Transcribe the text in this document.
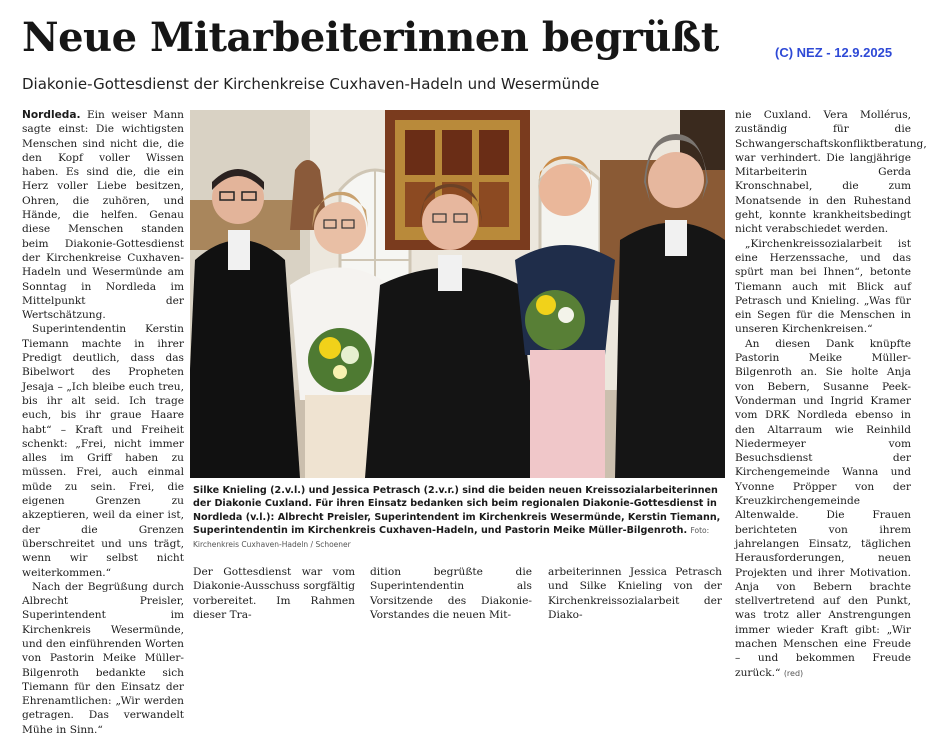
Neue Mitarbeiterinnen begrüßt	(C) NEZ - 12.9.2025
Diakonie-Gottesdienst der Kirchenkreise Cuxhaven-Hadeln und Wesermünde

Nordleda. Ein weiser Mann sagte einst: Die wichtigsten Menschen sind nicht die, die den Kopf voller Wissen haben. Es sind die, die ein Herz voller Liebe besitzen, Ohren, die zuhören, und Hände, die helfen. Genau diese Menschen standen beim Diakonie-Gottesdienst der Kirchenkreise Cuxhaven-Hadeln und Wesermünde am Sonntag in Nordleda im Mittelpunkt der Wertschätzung.

Superintendentin Kerstin Tiemann machte in ihrer Predigt deutlich, dass das Bibelwort des Propheten Jesaja – „Ich bleibe euch treu, bis ihr alt seid. Ich trage euch, bis ihr graue Haare habt“ – Kraft und Freiheit schenkt: „Frei, nicht immer alles im Griff haben zu müssen. Frei, auch einmal müde zu sein. Frei, die eigenen Grenzen zu akzeptieren, weil da einer ist, der die Grenzen überschreitet und uns trägt, wenn wir selbst nicht weiterkommen.“

Nach der Begrüßung durch Albrecht Preisler, Superintendent im Kirchenkreis Wesermünde, und den einführenden Worten von Pastorin Meike Müller-Bilgenroth bedankte sich Tiemann für den Einsatz der Ehrenamtlichen: „Wir werden getragen. Das verwandelt Mühe in Sinn.“

Silke Knieling (2.v.l.) und Jessica Petrasch (2.v.r.) sind die beiden neuen Kreissozialarbeiterinnen der Diakonie Cuxland. Für ihren Einsatz bedanken sich beim regionalen Diakonie-Gottesdienst in Nordleda (v.l.): Albrecht Preisler, Superintendent im Kirchenkreis Wesermünde, Kerstin Tiemann, Superintendentin im Kirchenkreis Cuxhaven-Hadeln, und Pastorin Meike Müller-Bilgenroth. Foto: Kirchenkreis Cuxhaven-Hadeln / Schoener

Der Gottesdienst war vom Diakonie-Ausschuss sorgfältig vorbereitet. Im Rahmen dieser Tra-

dition begrüßte die Superintendentin als Vorsitzende des Diakonie-Vorstandes die neuen Mit-

arbeiterinnen Jessica Petrasch und Silke Knieling von der Kirchenkreissozialarbeit der Diako-

nie Cuxland. Vera Mollérus, zuständig für die Schwangerschaftskonfliktberatung, war verhindert. Die langjährige Mitarbeiterin Gerda Kronschnabel, die zum Monatsende in den Ruhestand geht, konnte krankheitsbedingt nicht verabschiedet werden.

„Kirchenkreissozialarbeit ist eine Herzenssache, und das spürt man bei Ihnen“, betonte Tiemann auch mit Blick auf Petrasch und Knieling. „Was für ein Segen für die Menschen in unseren Kirchenkreisen.“

An diesen Dank knüpfte Pastorin Meike Müller-Bilgenroth an. Sie holte Anja von Bebern, Susanne Peek-Vonderman und Ingrid Kramer vom DRK Nordleda ebenso in den Altarraum wie Reinhild Niedermeyer vom Besuchsdienst der Kirchengemeinde Wanna und Yvonne Pröpper von der Kreuzkirchengemeinde Altenwalde. Die Frauen berichteten von ihrem jahrelangen Einsatz, täglichen Herausforderungen, neuen Projekten und ihrer Motivation. Anja von Bebern brachte stellvertretend auf den Punkt, was trotz aller Anstrengungen immer wieder Kraft gibt: „Wir machen Menschen eine Freude – und bekommen Freude zurück.“ (red)
